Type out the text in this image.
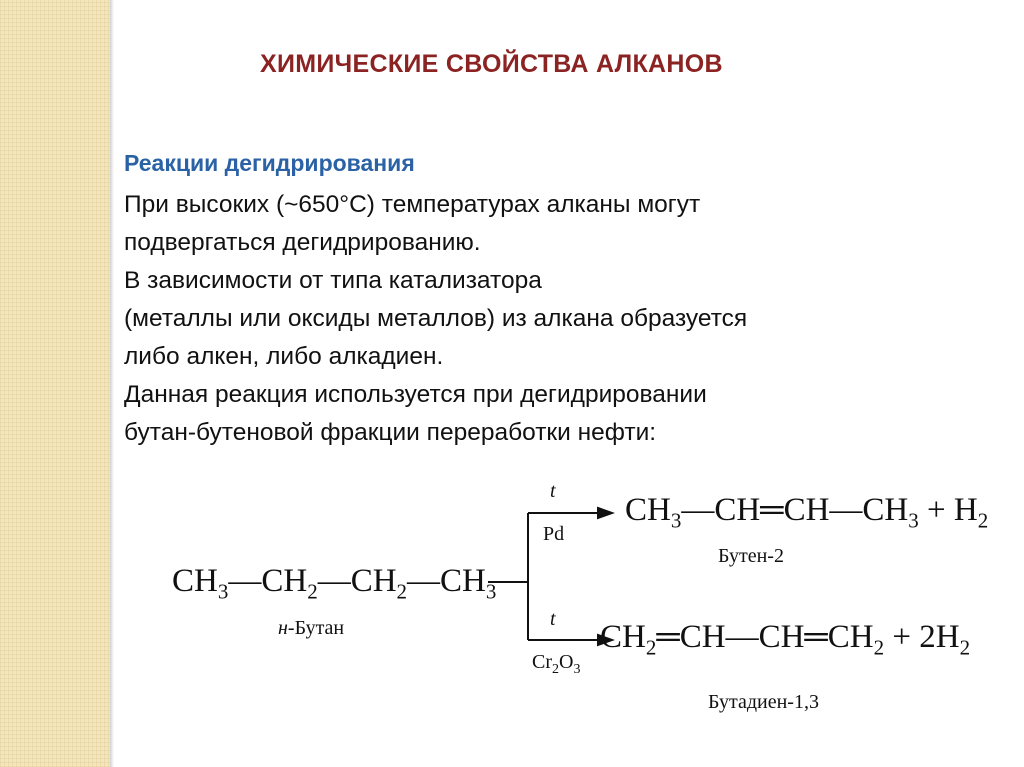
ХИМИЧЕСКИЕ СВОЙСТВА АЛКАНОВ
Реакции дегидрирования
При высоких (~650°С) температурах алканы могут
подвергаться дегидрированию.
В зависимости от типа катализатора
(металлы или оксиды металлов) из алкана образуется
либо алкен, либо алкадиен.
Данная реакция используется при дегидрировании
бутан-бутеновой фракции переработки нефти:
$CH_3—CH_2—CH_2—CH_3$
н-Бутан
t
Pd
$CH_3—CH═CH—CH_3 + H_2$
Бутен-2
t
$Cr_2O_3$
$CH_2═CH—CH═CH_2 + 2H_2$
Бутадиен-1,3
